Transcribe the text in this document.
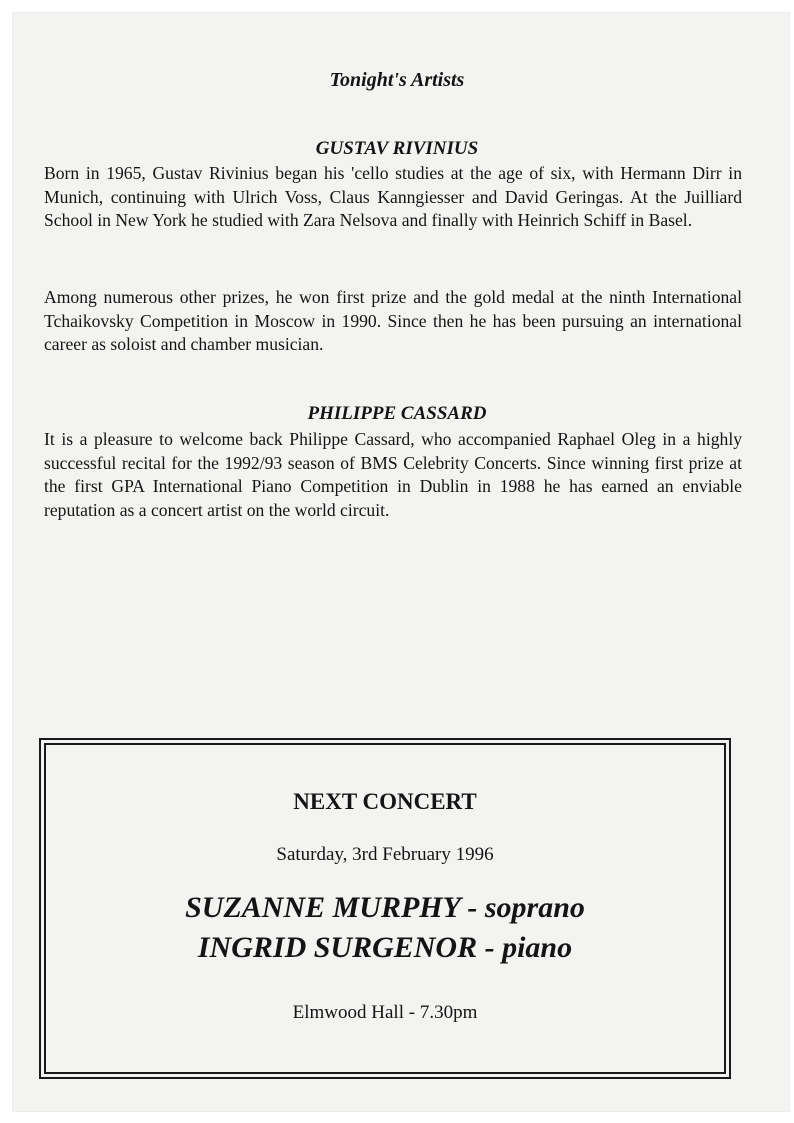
Tonight's Artists
GUSTAV RIVINIUS

Born in 1965, Gustav Rivinius began his 'cello studies at the age of six, with Hermann Dirr in Munich, continuing with Ulrich Voss, Claus Kanngiesser and David Geringas. At the Juilliard School in New York he studied with Zara Nelsova and finally with Heinrich Schiff in Basel.

Among numerous other prizes, he won first prize and the gold medal at the ninth International Tchaikovsky Competition in Moscow in 1990. Since then he has been pursuing an international career as soloist and chamber musician.

PHILIPPE CASSARD

It is a pleasure to welcome back Philippe Cassard, who accompanied Raphael Oleg in a highly successful recital for the 1992/93 season of BMS Celebrity Concerts. Since winning first prize at the first GPA International Piano Competition in Dublin in 1988 he has earned an enviable reputation as a concert artist on the world circuit.

NEXT CONCERT
Saturday, 3rd February 1996
SUZANNE MURPHY - soprano
INGRID SURGENOR - piano
Elmwood Hall - 7.30pm
